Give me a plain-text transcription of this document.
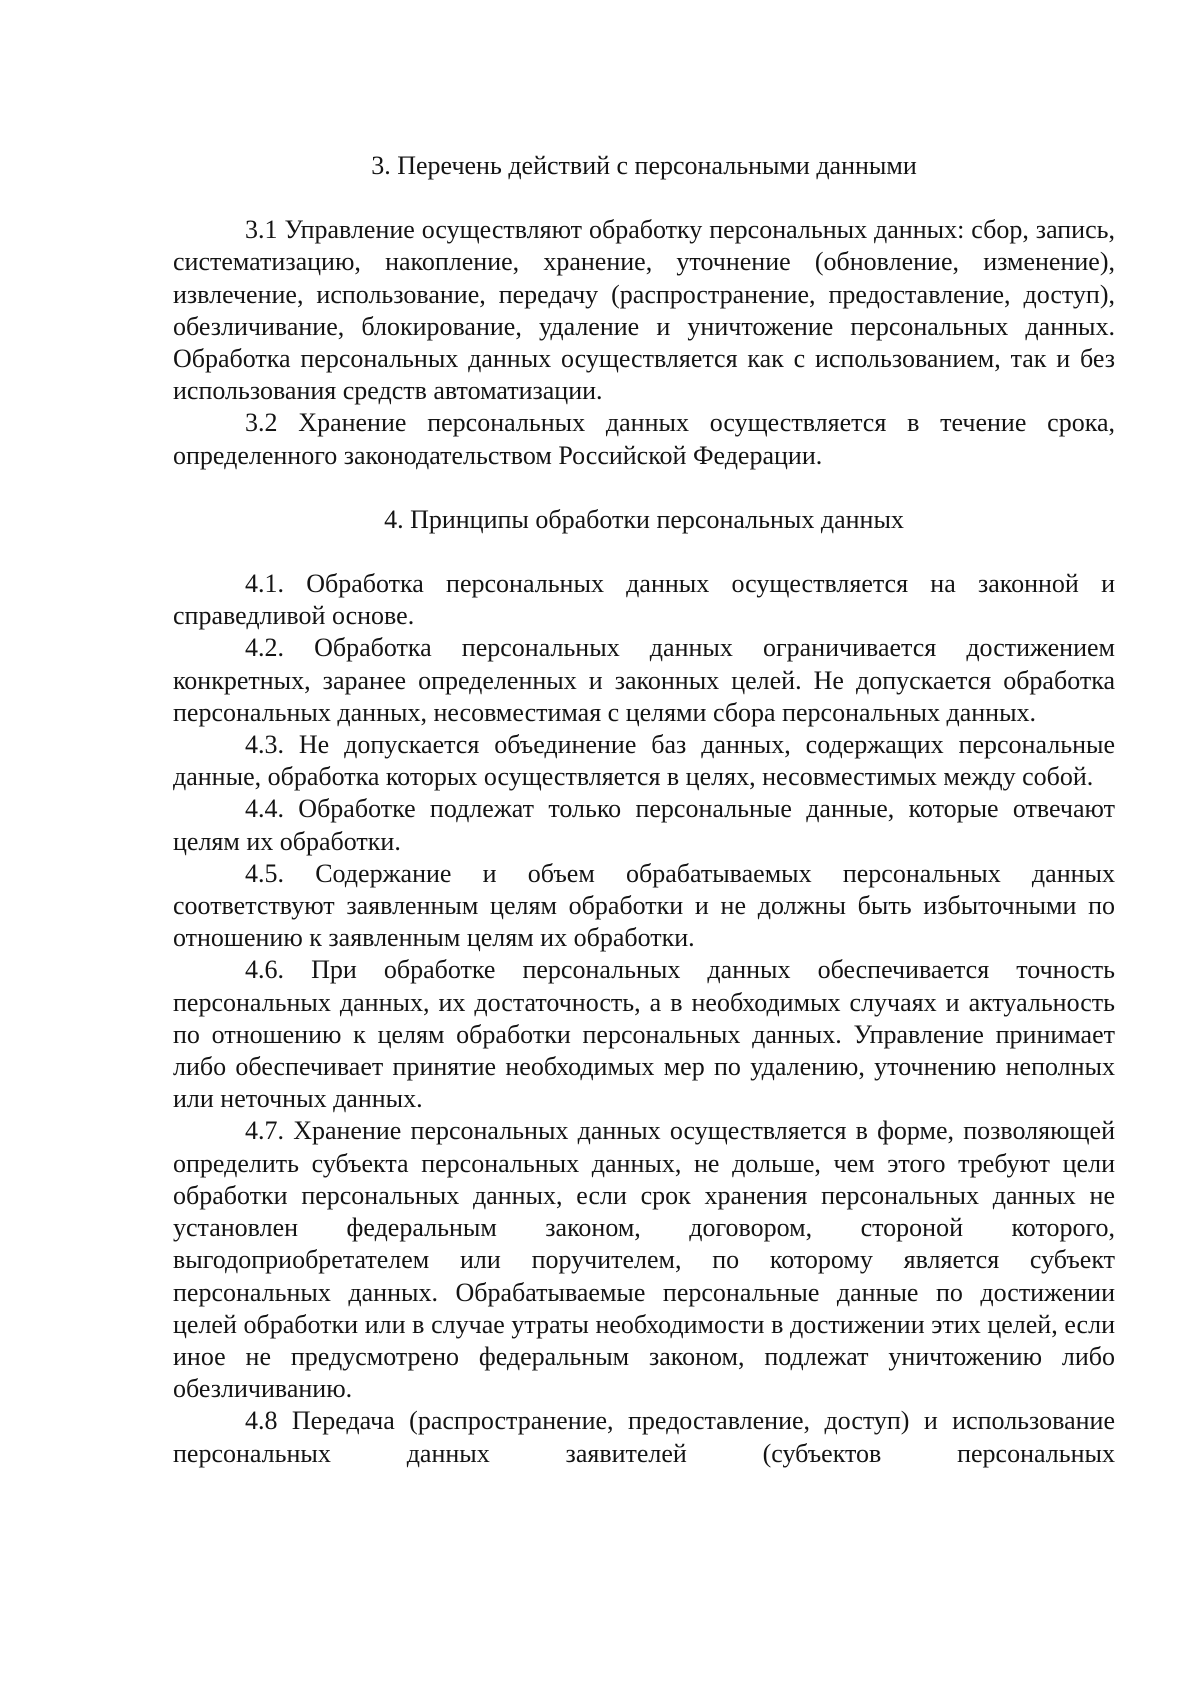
3. Перечень действий с персональными данными

3.1 Управление осуществляют обработку персональных данных: сбор, запись, систематизацию, накопление, хранение, уточнение (обновление, изменение), извлечение, использование, передачу (распространение, предоставление, доступ), обезличивание, блокирование, удаление и уничтожение персональных данных. Обработка персональных данных осуществляется как с использованием, так и без использования средств автоматизации.

3.2 Хранение персональных данных осуществляется в течение срока, определенного законодательством Российской Федерации.

4. Принципы обработки персональных данных

4.1. Обработка персональных данных осуществляется на законной и справедливой основе.

4.2. Обработка персональных данных ограничивается достижением конкретных, заранее определенных и законных целей. Не допускается обработка персональных данных, несовместимая с целями сбора персональных данных.

4.3. Не допускается объединение баз данных, содержащих персональные данные, обработка которых осуществляется в целях, несовместимых между собой.

4.4. Обработке подлежат только персональные данные, которые отвечают целям их обработки.

4.5. Содержание и объем обрабатываемых персональных данных соответствуют заявленным целям обработки и не должны быть избыточными по отношению к заявленным целям их обработки.

4.6. При обработке персональных данных обеспечивается точность персональных данных, их достаточность, а в необходимых случаях и актуальность по отношению к целям обработки персональных данных. Управление принимает либо обеспечивает принятие необходимых мер по удалению, уточнению неполных или неточных данных.

4.7. Хранение персональных данных осуществляется в форме, позволяющей определить субъекта персональных данных, не дольше, чем этого требуют цели обработки персональных данных, если срок хранения персональных данных не установлен федеральным законом, договором, стороной которого, выгодоприобретателем или поручителем, по которому является субъект персональных данных. Обрабатываемые персональные данные по достижении целей обработки или в случае утраты необходимости в достижении этих целей, если иное не предусмотрено федеральным законом, подлежат уничтожению либо обезличиванию.

4.8 Передача (распространение, предоставление, доступ) и использование персональных данных заявителей (субъектов персональных
